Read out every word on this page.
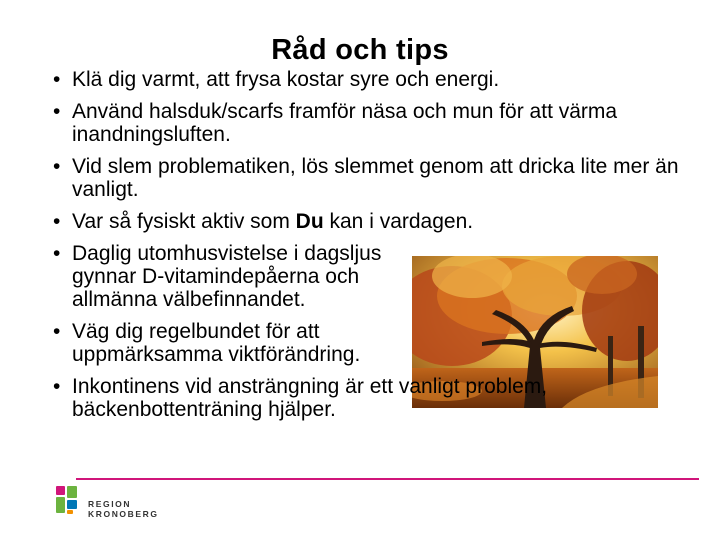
Råd och tips
• Klä dig varmt, att frysa kostar syre och energi.
• Använd halsduk/scarfs framför näsa och mun för att värma inandningsluften.
• Vid slem problematiken, lös slemmet genom att dricka lite mer än vanligt.
• Var så fysiskt aktiv som Du kan i vardagen.
• Daglig utomhusvistelse i dagsljus gynnar D-vitamindepåerna och allmänna välbefinnandet.
• Väg dig regelbundet för att uppmärksamma viktförändring.
• Inkontinens vid ansträngning är ett vanligt problem, bäckenbottenträning hjälper.
REGION
KRONOBERG
